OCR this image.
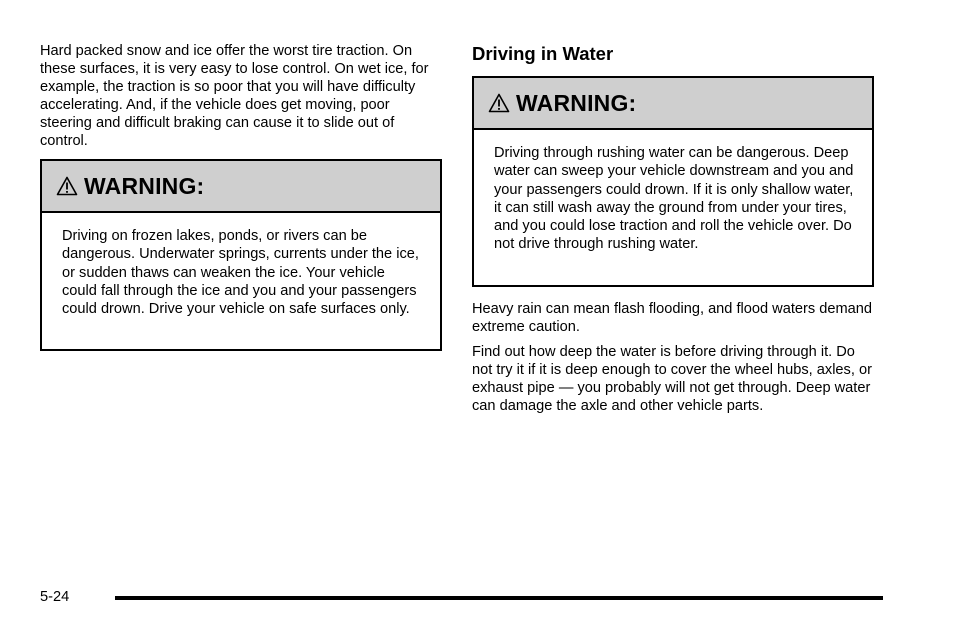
Hard packed snow and ice offer the worst tire traction. On these surfaces, it is very easy to lose control. On wet ice, for example, the traction is so poor that you will have difficulty accelerating. And, if the vehicle does get moving, poor steering and difficult braking can cause it to slide out of control.

WARNING:

Driving on frozen lakes, ponds, or rivers can be dangerous. Underwater springs, currents under the ice, or sudden thaws can weaken the ice. Your vehicle could fall through the ice and you and your passengers could drown. Drive your vehicle on safe surfaces only.

Driving in Water
WARNING:

Driving through rushing water can be dangerous. Deep water can sweep your vehicle downstream and you and your passengers could drown. If it is only shallow water, it can still wash away the ground from under your tires, and you could lose traction and roll the vehicle over. Do not drive through rushing water.

Heavy rain can mean flash flooding, and flood waters demand extreme caution.

Find out how deep the water is before driving through it. Do not try it if it is deep enough to cover the wheel hubs, axles, or exhaust pipe — you probably will not get through. Deep water can damage the axle and other vehicle parts.

5-24
